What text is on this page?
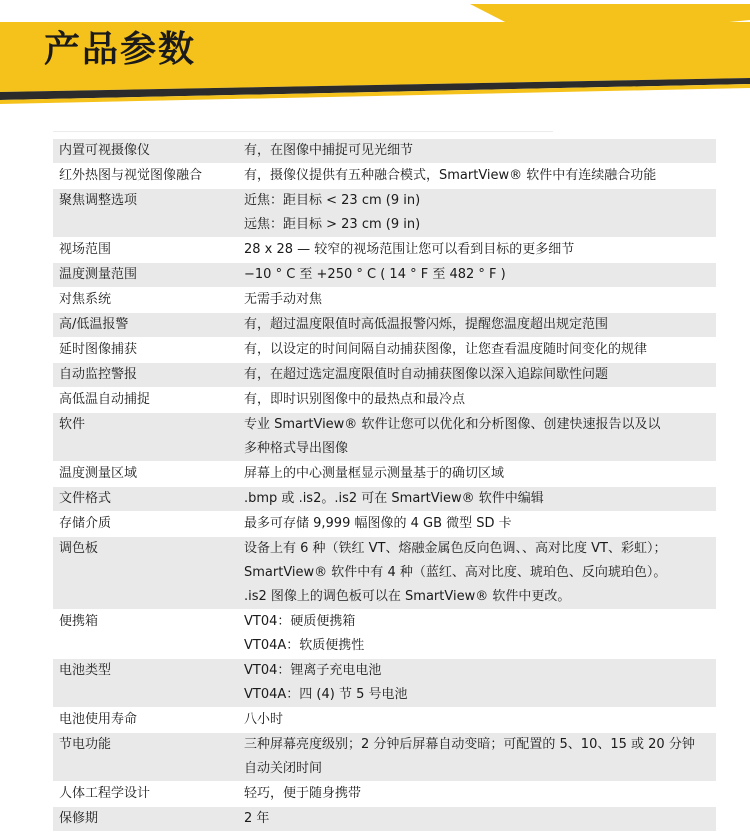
产品参数
内置可视摄像仪	有，在图像中捕捉可见光细节
红外热图与视觉图像融合	有，摄像仪提供有五种融合模式，SmartView® 软件中有连续融合功能
聚焦调整选项	近焦：距目标 < 23 cm (9 in)
远焦：距目标 > 23 cm (9 in)
视场范围	28 x 28 — 较窄的视场范围让您可以看到目标的更多细节
温度测量范围	−10 ° C 至 +250 ° C ( 14 ° F 至 482 ° F )
对焦系统	无需手动对焦
高/低温报警	有，超过温度限值时高低温报警闪烁，提醒您温度超出规定范围
延时图像捕获	有，以设定的时间间隔自动捕获图像，让您查看温度随时间变化的规律
自动监控警报	有，在超过选定温度限值时自动捕获图像以深入追踪间歇性问题
高低温自动捕捉	有，即时识别图像中的最热点和最冷点
软件	专业 SmartView® 软件让您可以优化和分析图像、创建快速报告以及以
多种格式导出图像
温度测量区域	屏幕上的中心测量框显示测量基于的确切区域
文件格式	.bmp 或 .is2。.is2 可在 SmartView® 软件中编辑
存储介质	最多可存储 9,999 幅图像的 4 GB 微型 SD 卡
调色板	设备上有 6 种（铁红 VT、熔融金属色反向色调、、高对比度 VT、彩虹）；
SmartView® 软件中有 4 种（蓝红、高对比度、琥珀色、反向琥珀色）。
.is2 图像上的调色板可以在 SmartView® 软件中更改。
便携箱	VT04：硬质便携箱
VT04A：软质便携性
电池类型	VT04：锂离子充电电池
VT04A：四 (4) 节 5 号电池
电池使用寿命	八小时
节电功能	三种屏幕亮度级别；2 分钟后屏幕自动变暗；可配置的 5、10、15 或 20 分钟
自动关闭时间
人体工程学设计	轻巧，便于随身携带
保修期	2 年
